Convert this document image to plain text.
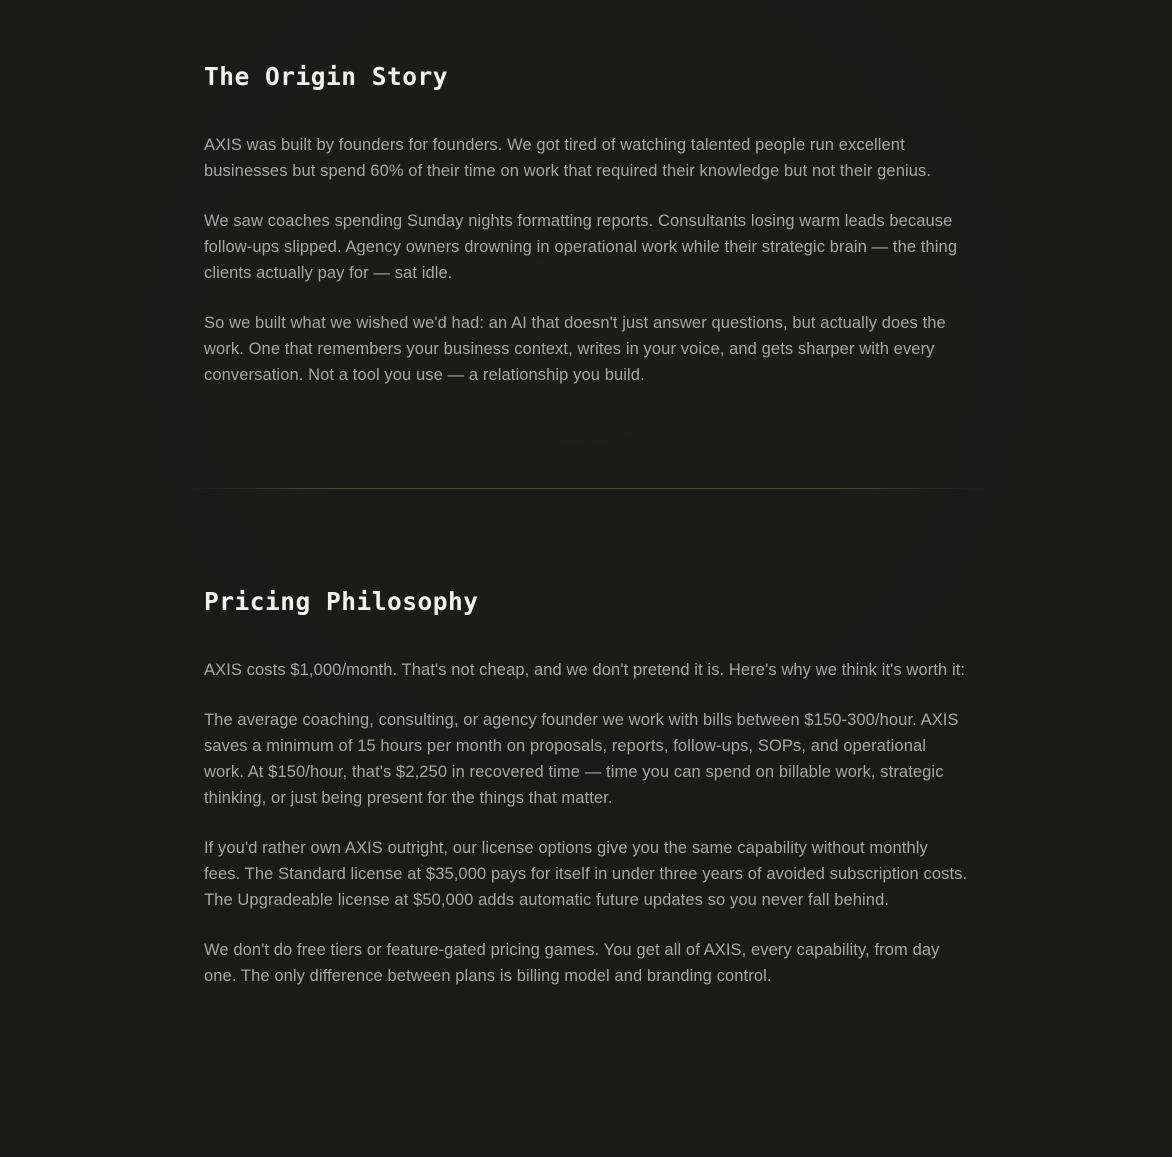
The Origin Story

AXIS was built by founders for founders. We got tired of watching talented people run excellent businesses but spend 60% of their time on work that required their knowledge but not their genius.

We saw coaches spending Sunday nights formatting reports. Consultants losing warm leads because follow-ups slipped. Agency owners drowning in operational work while their strategic brain — the thing clients actually pay for — sat idle.

So we built what we wished we'd had: an AI that doesn't just answer questions, but actually does the work. One that remembers your business context, writes in your voice, and gets sharper with every conversation. Not a tool you use — a relationship you build.

Pricing Philosophy

AXIS costs $1,000/month. That's not cheap, and we don't pretend it is. Here's why we think it's worth it:

The average coaching, consulting, or agency founder we work with bills between $150-300/hour. AXIS saves a minimum of 15 hours per month on proposals, reports, follow-ups, SOPs, and operational work. At $150/hour, that's $2,250 in recovered time — time you can spend on billable work, strategic thinking, or just being present for the things that matter.

If you'd rather own AXIS outright, our license options give you the same capability without monthly fees. The Standard license at $35,000 pays for itself in under three years of avoided subscription costs. The Upgradeable license at $50,000 adds automatic future updates so you never fall behind.

We don't do free tiers or feature-gated pricing games. You get all of AXIS, every capability, from day one. The only difference between plans is billing model and branding control.
